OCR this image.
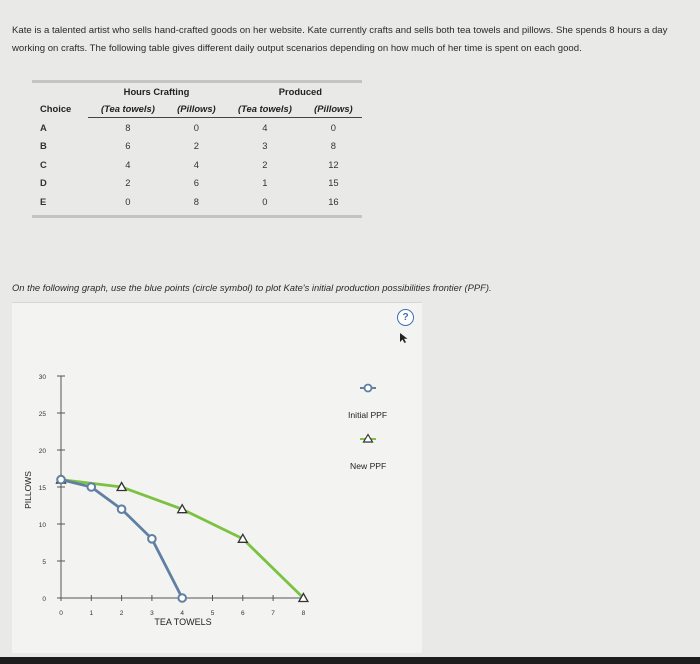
Kate is a talented artist who sells hand-crafted goods on her website. Kate currently crafts and sells both tea towels and pillows. She spends 8 hours a day working on crafts. The following table gives different daily output scenarios depending on how much of her time is spent on each good.
	Hours Crafting		Produced	
Choice	(Tea towels)	(Pillows)	(Tea towels)	(Pillows)
A	8	0	4	0
B	6	2	3	8
C	4	4	2	12
D	2	6	1	15
E	0	8	0	16
On the following graph, use the blue points (circle symbol) to plot Kate's initial production possibilities frontier (PPF).
?
0
5
10
15
20
25
30
0	1	2	3	4	5	6	7	8
TEA TOWELS
PILLOWS
Initial PPF
New PPF
